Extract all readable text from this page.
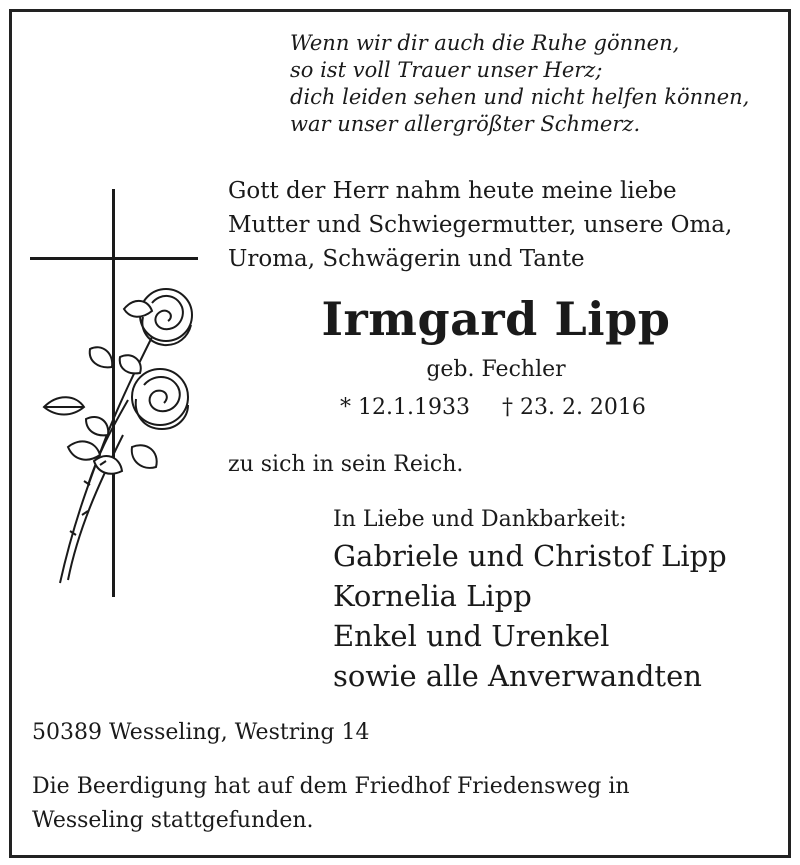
Wenn wir dir auch die Ruhe gönnen,
so ist voll Trauer unser Herz;
dich leiden sehen und nicht helfen können,
war unser allergrößter Schmerz.
Gott der Herr nahm heute meine liebe
Mutter und Schwiegermutter, unsere Oma,
Uroma, Schwägerin und Tante
Irmgard Lipp
geb. Fechler
* 12.1.1933 † 23. 2. 2016
zu sich in sein Reich.
In Liebe und Dankbarkeit:
Gabriele und Christof Lipp
Kornelia Lipp
Enkel und Urenkel
sowie alle Anverwandten
50389 Wesseling, Westring 14
Die Beerdigung hat auf dem Friedhof Friedensweg in
Wesseling stattgefunden.
